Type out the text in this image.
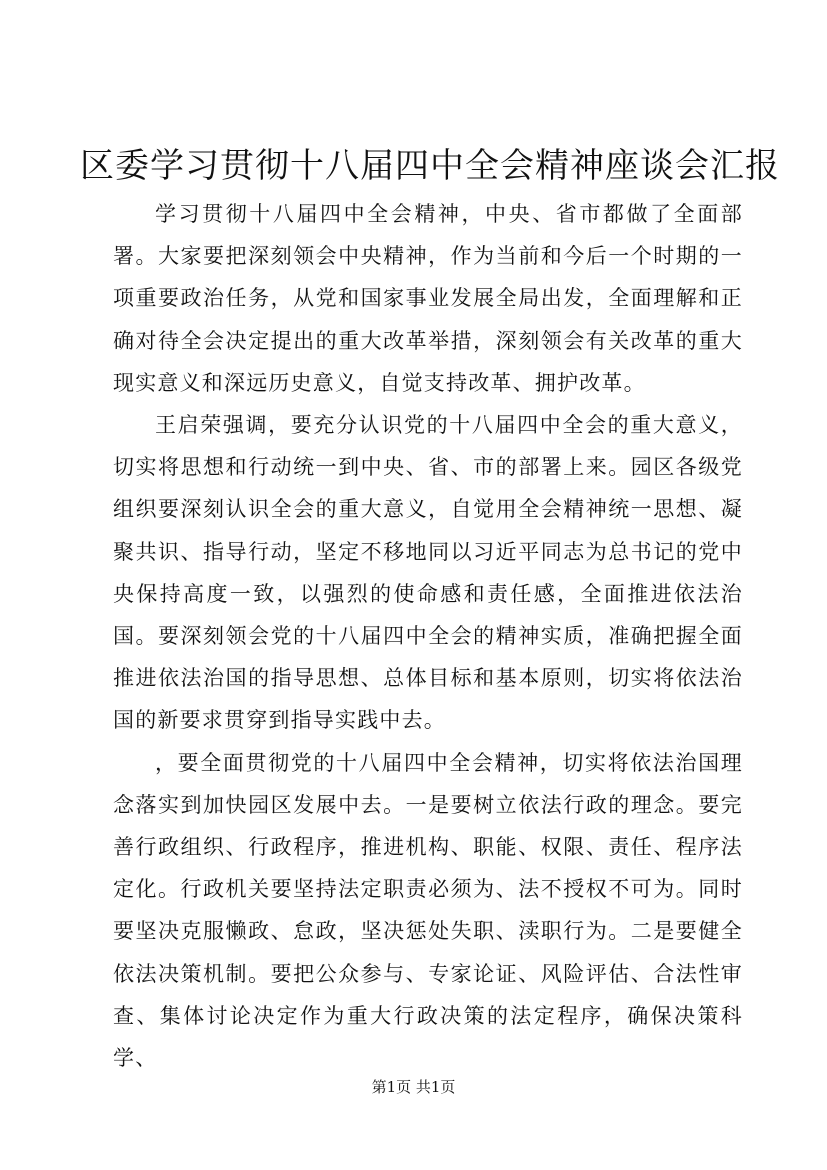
区委学习贯彻十八届四中全会精神座谈会汇报

学习贯彻十八届四中全会精神，中央、省市都做了全面部署。大家要把深刻领会中央精神，作为当前和今后一个时期的一项重要政治任务，从党和国家事业发展全局出发，全面理解和正确对待全会决定提出的重大改革举措，深刻领会有关改革的重大现实意义和深远历史意义，自觉支持改革、拥护改革。

王启荣强调，要充分认识党的十八届四中全会的重大意义，切实将思想和行动统一到中央、省、市的部署上来。园区各级党组织要深刻认识全会的重大意义，自觉用全会精神统一思想、凝聚共识、指导行动，坚定不移地同以习近平同志为总书记的党中央保持高度一致，以强烈的使命感和责任感，全面推进依法治国。要深刻领会党的十八届四中全会的精神实质，准确把握全面推进依法治国的指导思想、总体目标和基本原则，切实将依法治国的新要求贯穿到指导实践中去。

，要全面贯彻党的十八届四中全会精神，切实将依法治国理念落实到加快园区发展中去。一是要树立依法行政的理念。要完善行政组织、行政程序，推进机构、职能、权限、责任、程序法定化。行政机关要坚持法定职责必须为、法不授权不可为。同时要坚决克服懒政、怠政，坚决惩处失职、渎职行为。二是要健全依法决策机制。要把公众参与、专家论证、风险评估、合法性审查、集体讨论决定作为重大行政决策的法定程序，确保决策科学、

第1页 共1页
